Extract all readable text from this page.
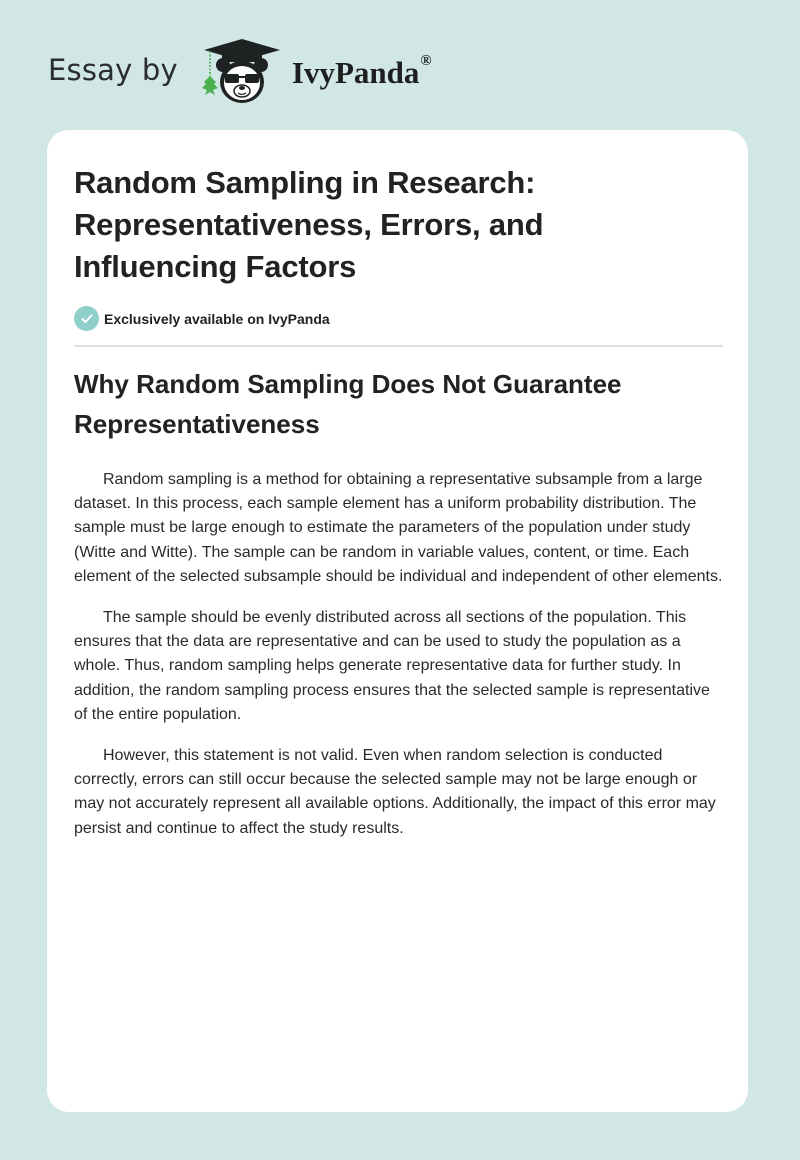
Essay by	IvyPanda®
Random Sampling in Research: Representativeness, Errors, and Influencing Factors
Exclusively available on IvyPanda
Why Random Sampling Does Not Guarantee Representativeness

Random sampling is a method for obtaining a representative subsample from a large dataset. In this process, each sample element has a uniform probability distribution. The sample must be large enough to estimate the parameters of the population under study (Witte and Witte). The sample can be random in variable values, content, or time. Each element of the selected subsample should be individual and independent of other elements.

The sample should be evenly distributed across all sections of the population. This ensures that the data are representative and can be used to study the population as a whole. Thus, random sampling helps generate representative data for further study. In addition, the random sampling process ensures that the selected sample is representative of the entire population.

However, this statement is not valid. Even when random selection is conducted correctly, errors can still occur because the selected sample may not be large enough or may not accurately represent all available options. Additionally, the impact of this error may persist and continue to affect the study results.
